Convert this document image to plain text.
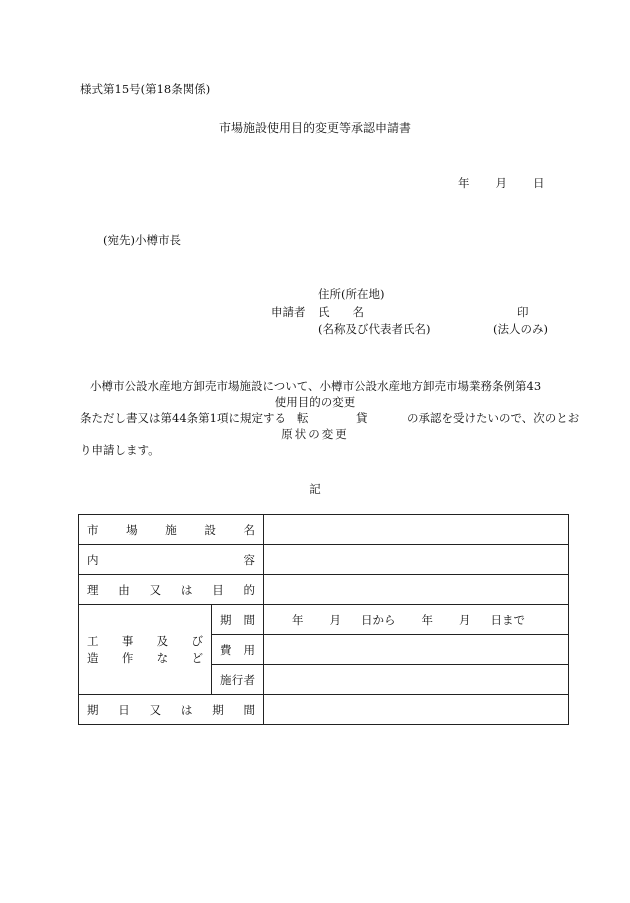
様式第15号(第18条関係)
市場施設使用目的変更等承認申請書
年 月 日
(宛先)小樽市長
住所(所在地)
申請者 氏　　名	印
(名称及び代表者氏名)	(法人のみ)
小樽市公設水産地方卸売市場施設について、小樽市公設水産地方卸売市場業務条例第43
使用目的の変更
条ただし書又は第44条第1項に規定する 転	貸	の承認を受けたいので、次のとお
原状の変更
り申請します。
記
市場施設名		
内容		
理由又は目的		

工事及び
造作など	期間	年 月 日から 年 月 日まで

	費用	
	施行者	
期日又は期間		
